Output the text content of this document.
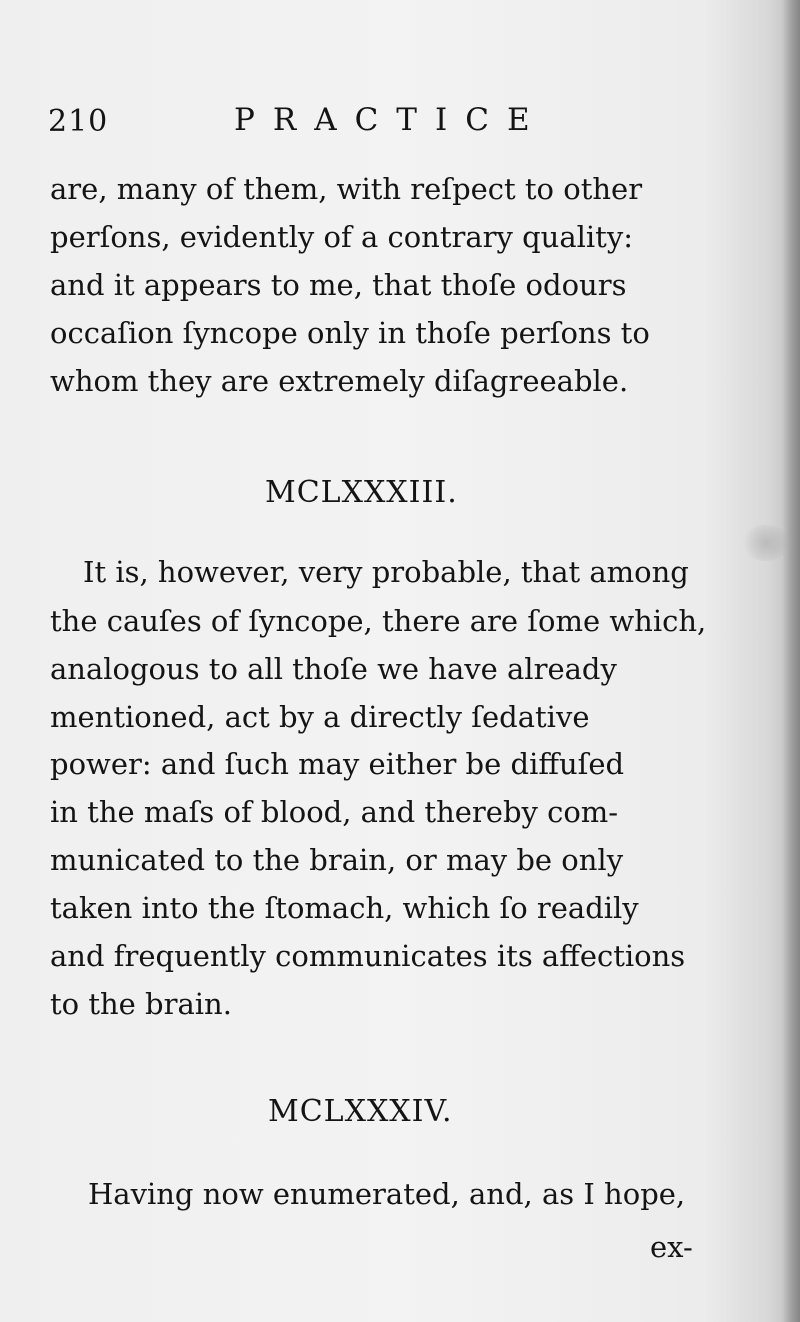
210	PRACTICE
are, many of them, with reſpect to other
perſons, evidently of a contrary quality:
and it appears to me, that thoſe odours
occaſion ſyncope only in thoſe perſons to
whom they are extremely diſagreeable.
MCLXXXIII.
It is, however, very probable, that among
the cauſes of ſyncope, there are ſome which,
analogous to all thoſe we have already
mentioned, act by a directly ſedative
power: and ſuch may either be diffuſed
in the maſs of blood, and thereby com-
municated to the brain, or may be only
taken into the ſtomach, which ſo readily
and frequently communicates its affections
to the brain.
MCLXXXIV.
Having now enumerated, and, as I hope,
ex-
